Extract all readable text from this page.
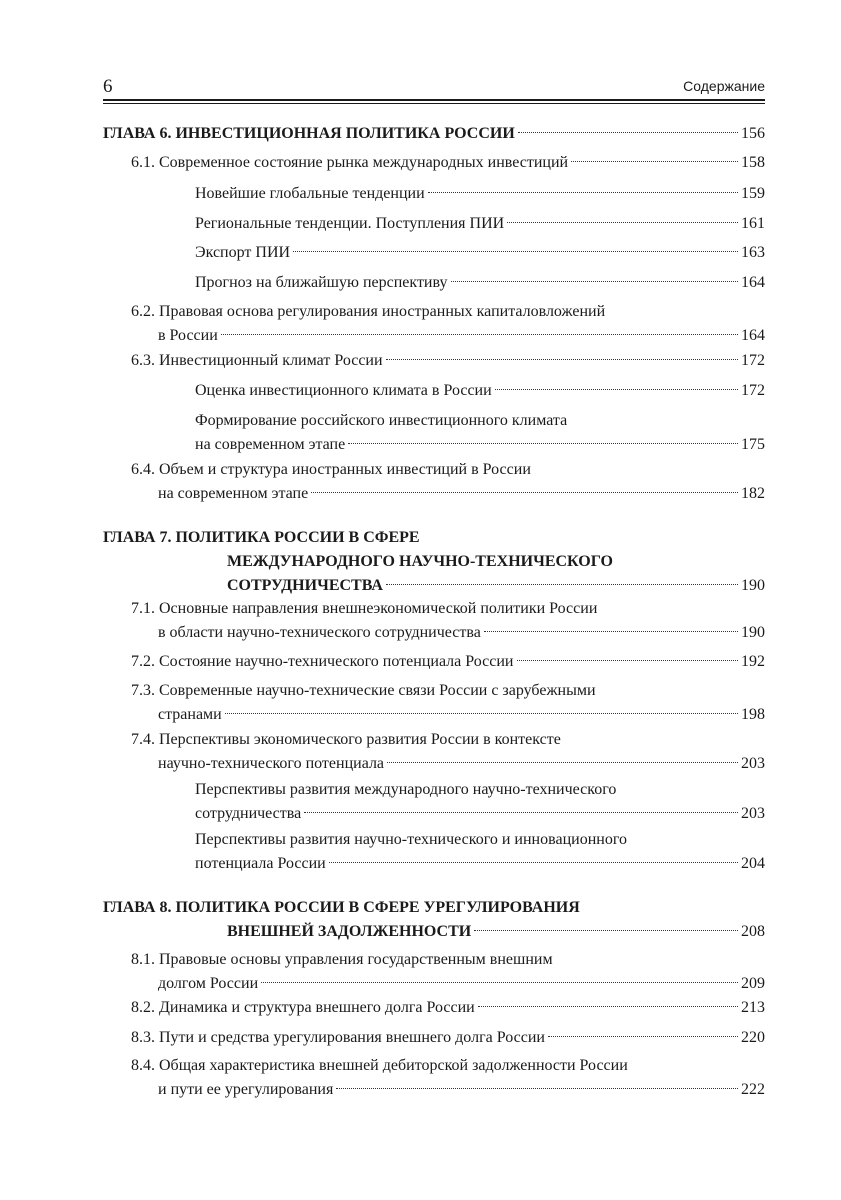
6	Содержание
ГЛАВА 6. ИНВЕСТИЦИОННАЯ ПОЛИТИКА РОССИИ	156
6.1. Современное состояние рынка международных инвестиций	158
Новейшие глобальные тенденции	159
Региональные тенденции. Поступления ПИИ	161
Экспорт ПИИ	163
Прогноз на ближайшую перспективу	164
6.2. Правовая основа регулирования иностранных капиталовложений
в России	164
6.3. Инвестиционный климат России	172
Оценка инвестиционного климата в России	172
Формирование российского инвестиционного климата
на современном этапе	175
6.4. Объем и структура иностранных инвестиций в России
на современном этапе	182
ГЛАВА 7. ПОЛИТИКА РОССИИ В СФЕРЕ
МЕЖДУНАРОДНОГО НАУЧНО-ТЕХНИЧЕСКОГО
СОТРУДНИЧЕСТВА	190
7.1. Основные направления внешнеэкономической политики России
в области научно-технического сотрудничества	190
7.2. Состояние научно-технического потенциала России	192
7.3. Современные научно-технические связи России с зарубежными
странами	198
7.4. Перспективы экономического развития России в контексте
научно-технического потенциала	203
Перспективы развития международного научно-технического
сотрудничества	203
Перспективы развития научно-технического и инновационного
потенциала России	204
ГЛАВА 8. ПОЛИТИКА РОССИИ В СФЕРЕ УРЕГУЛИРОВАНИЯ
ВНЕШНЕЙ ЗАДОЛЖЕННОСТИ	208
8.1. Правовые основы управления государственным внешним
долгом России	209
8.2. Динамика и структура внешнего долга России	213
8.3. Пути и средства урегулирования внешнего долга России	220
8.4. Общая характеристика внешней дебиторской задолженности России
и пути ее урегулирования	222
